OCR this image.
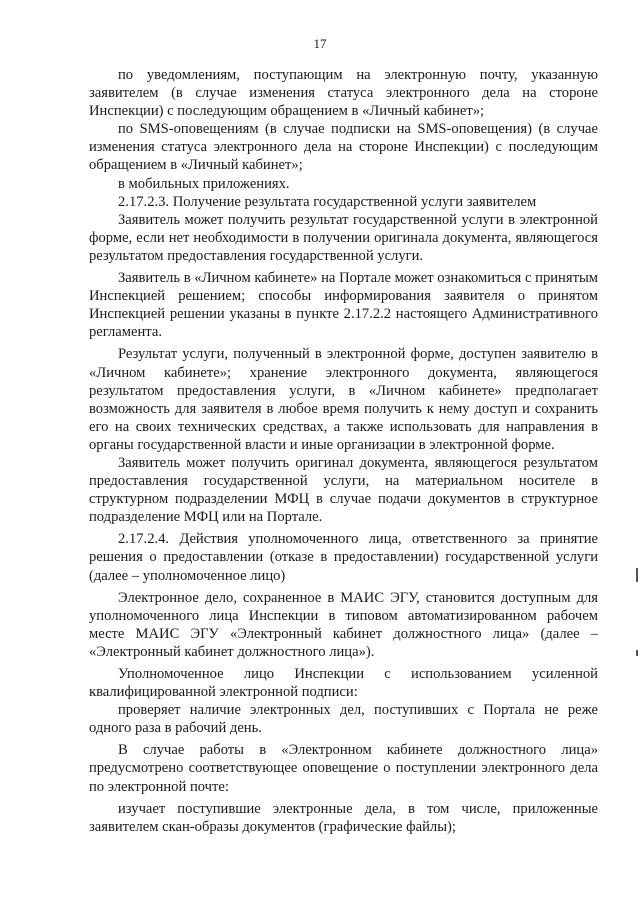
17

по уведомлениям, поступающим на электронную почту, указанную заявителем (в случае изменения статуса электронного дела на стороне Инспекции) с последующим обращением в «Личный кабинет»;

по SMS-оповещениям (в случае подписки на SMS-оповещения) (в случае изменения статуса электронного дела на стороне Инспекции) с последующим обращением в «Личный кабинет»;

в мобильных приложениях.

2.17.2.3. Получение результата государственной услуги заявителем

Заявитель может получить результат государственной услуги в электронной форме, если нет необходимости в получении оригинала документа, являющегося результатом предоставления государственной услуги.

Заявитель в «Личном кабинете» на Портале может ознакомиться с принятым Инспекцией решением; способы информирования заявителя о принятом Инспекцией решении указаны в пункте 2.17.2.2 настоящего Административного регламента.

Результат услуги, полученный в электронной форме, доступен заявителю в «Личном кабинете»; хранение электронного документа, являющегося результатом предоставления услуги, в «Личном кабинете» предполагает возможность для заявителя в любое время получить к нему доступ и сохранить его на своих технических средствах, а также использовать для направления в органы государственной власти и иные организации в электронной форме.

Заявитель может получить оригинал документа, являющегося результатом предоставления государственной услуги, на материальном носителе в структурном подразделении МФЦ в случае подачи документов в структурное подразделение МФЦ или на Портале.

2.17.2.4. Действия уполномоченного лица, ответственного за принятие решения о предоставлении (отказе в предоставлении) государственной услуги (далее – уполномоченное лицо)

Электронное дело, сохраненное в МАИС ЭГУ, становится доступным для уполномоченного лица Инспекции в типовом автоматизированном рабочем месте МАИС ЭГУ «Электронный кабинет должностного лица» (далее – «Электронный кабинет должностного лица»).

Уполномоченное лицо Инспекции с использованием усиленной квалифицированной электронной подписи:

проверяет наличие электронных дел, поступивших с Портала не реже одного раза в рабочий день.

В случае работы в «Электронном кабинете должностного лица» предусмотрено соответствующее оповещение о поступлении электронного дела по электронной почте:

изучает поступившие электронные дела, в том числе, приложенные заявителем скан-образы документов (графические файлы);
